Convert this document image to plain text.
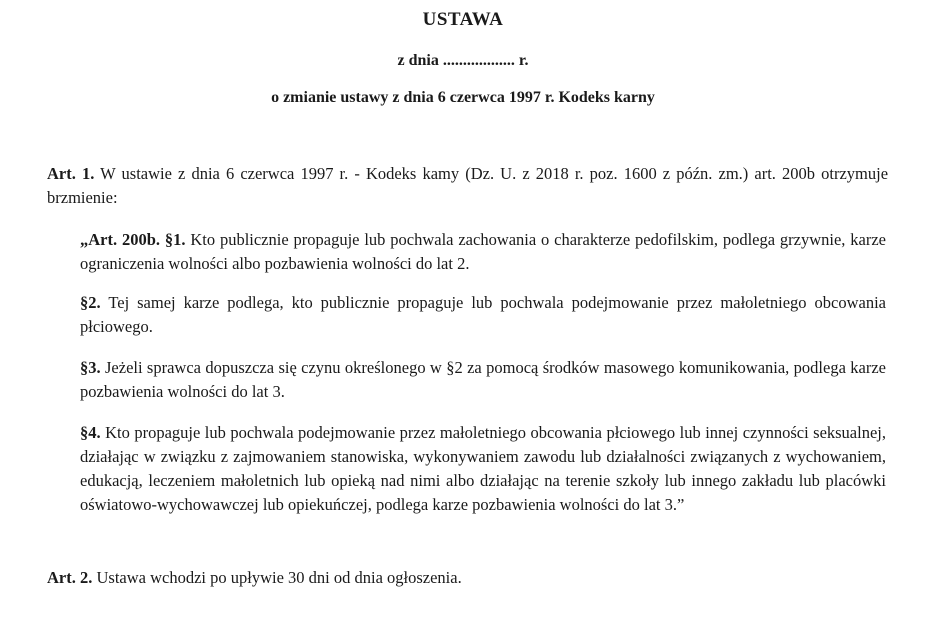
USTAWA
z dnia .................. r.
o zmianie ustawy z dnia 6 czerwca 1997 r. Kodeks karny
Art. 1. W ustawie z dnia 6 czerwca 1997 r. - Kodeks kamy (Dz. U. z 2018 r. poz. 1600 z późn. zm.) art. 200b otrzymuje brzmienie:
„Art. 200b. §1. Kto publicznie propaguje lub pochwala zachowania o charakterze pedofilskim, podlega grzywnie, karze ograniczenia wolności albo pozbawienia wolności do lat 2.
§2. Tej samej karze podlega, kto publicznie propaguje lub pochwala podejmowanie przez małoletniego obcowania płciowego.
§3. Jeżeli sprawca dopuszcza się czynu określonego w §2 za pomocą środków masowego komunikowania, podlega karze pozbawienia wolności do lat 3.
§4. Kto propaguje lub pochwala podejmowanie przez małoletniego obcowania płciowego lub innej czynności seksualnej, działając w związku z zajmowaniem stanowiska, wykonywaniem zawodu lub działalności związanych z wychowaniem, edukacją, leczeniem małoletnich lub opieką nad nimi albo działając na terenie szkoły lub innego zakładu lub placówki oświatowo-wychowawczej lub opiekuńczej, podlega karze pozbawienia wolności do lat 3.”
Art. 2. Ustawa wchodzi po upływie 30 dni od dnia ogłoszenia.
